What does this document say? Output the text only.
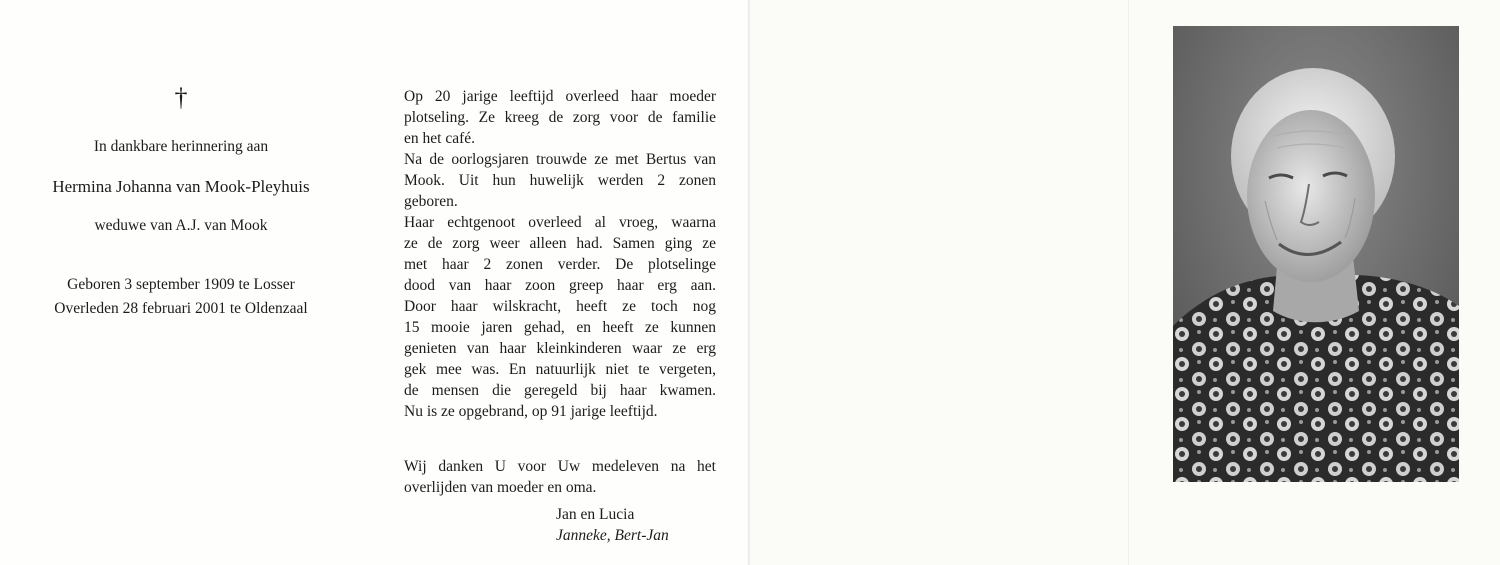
†
In dankbare herinnering aan
Hermina Johanna van Mook-Pleyhuis
weduwe van A.J. van Mook
Geboren 3 september 1909 te Losser
Overleden 28 februari 2001 te Oldenzaal
Op 20 jarige leeftijd overleed haar moeder
plotseling. Ze kreeg de zorg voor de familie
en het café.
Na de oorlogsjaren trouwde ze met Bertus van
Mook. Uit hun huwelijk werden 2 zonen
geboren.
Haar echtgenoot overleed al vroeg, waarna
ze de zorg weer alleen had. Samen ging ze
met haar 2 zonen verder. De plotselinge
dood van haar zoon greep haar erg aan.
Door haar wilskracht, heeft ze toch nog
15 mooie jaren gehad, en heeft ze kunnen
genieten van haar kleinkinderen waar ze erg
gek mee was. En natuurlijk niet te vergeten,
de mensen die geregeld bij haar kwamen.
Nu is ze opgebrand, op 91 jarige leeftijd.
Wij danken U voor Uw medeleven na het
overlijden van moeder en oma.
Jan en Lucia
Janneke, Bert-Jan
